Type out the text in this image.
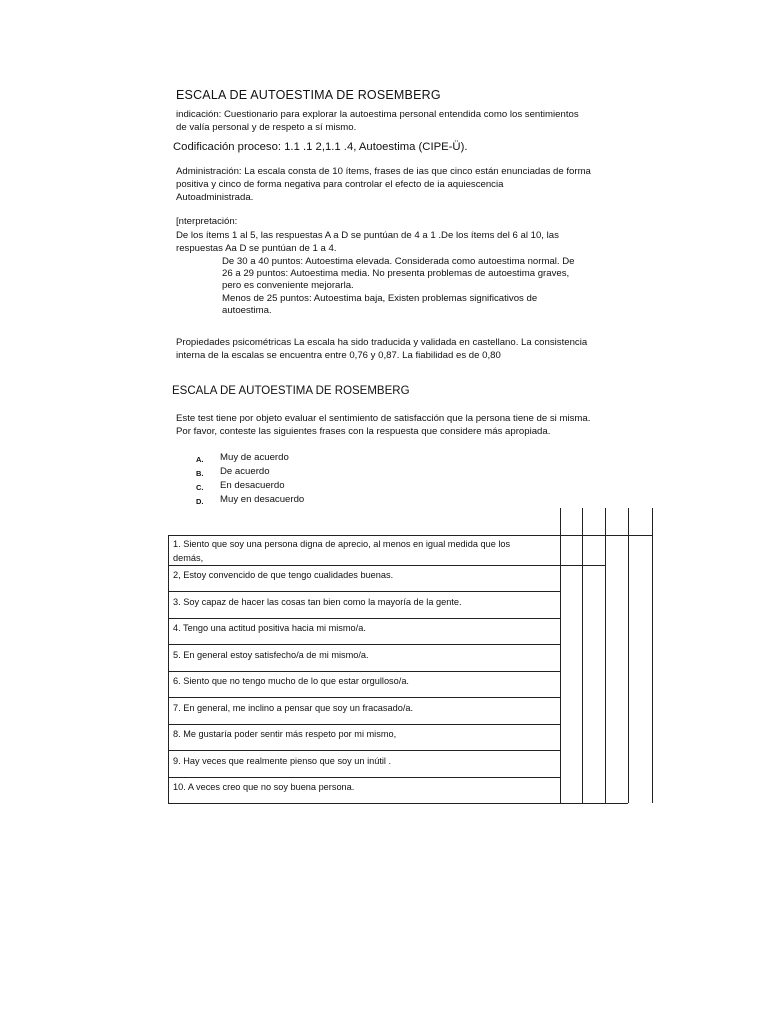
ESCALA DE AUTOESTIMA DE ROSEMBERG
indicación: Cuestionario para explorar la autoestima personal entendida como los sentimientos
de valía personal y de respeto a sí mismo.
Codificación proceso: 1.1 .1 2,1.1 .4, Autoestima (CIPE-Ü).
Administración: La escala consta de 10 ítems, frases de ias que cinco están enunciadas de forma
positiva y cinco de forma negativa para controlar el efecto de ia aquiescencia
Autoadministrada.
[nterpretación:
De los ítems 1 al 5, las respuestas A a D se puntúan de 4 a 1 .De los ítems del 6 al 10, las
respuestas Aa D se puntúan de 1 a 4.
De 30 a 40 puntos: Autoestima elevada. Considerada como autoestima normal. De
26 a 29 puntos: Autoestima media. No presenta problemas de autoestima graves,
pero es conveniente mejorarla.
Menos de 25 puntos: Autoestima baja, Existen problemas significativos de
autoestima.
Propiedades psicométricas La escala ha sido traducida y validada en castellano. La consistencia
interna de la escalas se encuentra entre 0,76 y 0,87. La fiabilidad es de 0,80
ESCALA DE AUTOESTIMA DE ROSEMBERG
Este test tiene por objeto evaluar el sentimiento de satisfacción que la persona tiene de si misma.
Por favor, conteste las siguientes frases con la respuesta que considere más apropiada.
A. Muy de acuerdo
B. De acuerdo
C. En desacuerdo
D. Muy en desacuerdo
1. Siento que soy una persona digna de aprecio, al menos en igual medida que los
demás,
2, Estoy convencido de que tengo cualidades buenas.
3. Soy capaz de hacer las cosas tan bien como la mayoría de la gente.
4. Tengo una actitud positiva hacia mi mismo/a.
5. En general estoy satisfecho/a de mi mismo/a.
6. Siento que no tengo mucho de lo que estar orgulloso/a.
7. En general, me inclino a pensar que soy un fracasado/a.
8. Me gustaría poder sentir más respeto por mi mismo,
9. Hay veces que realmente pienso que soy un inútil .
10. A veces creo que no soy buena persona.
